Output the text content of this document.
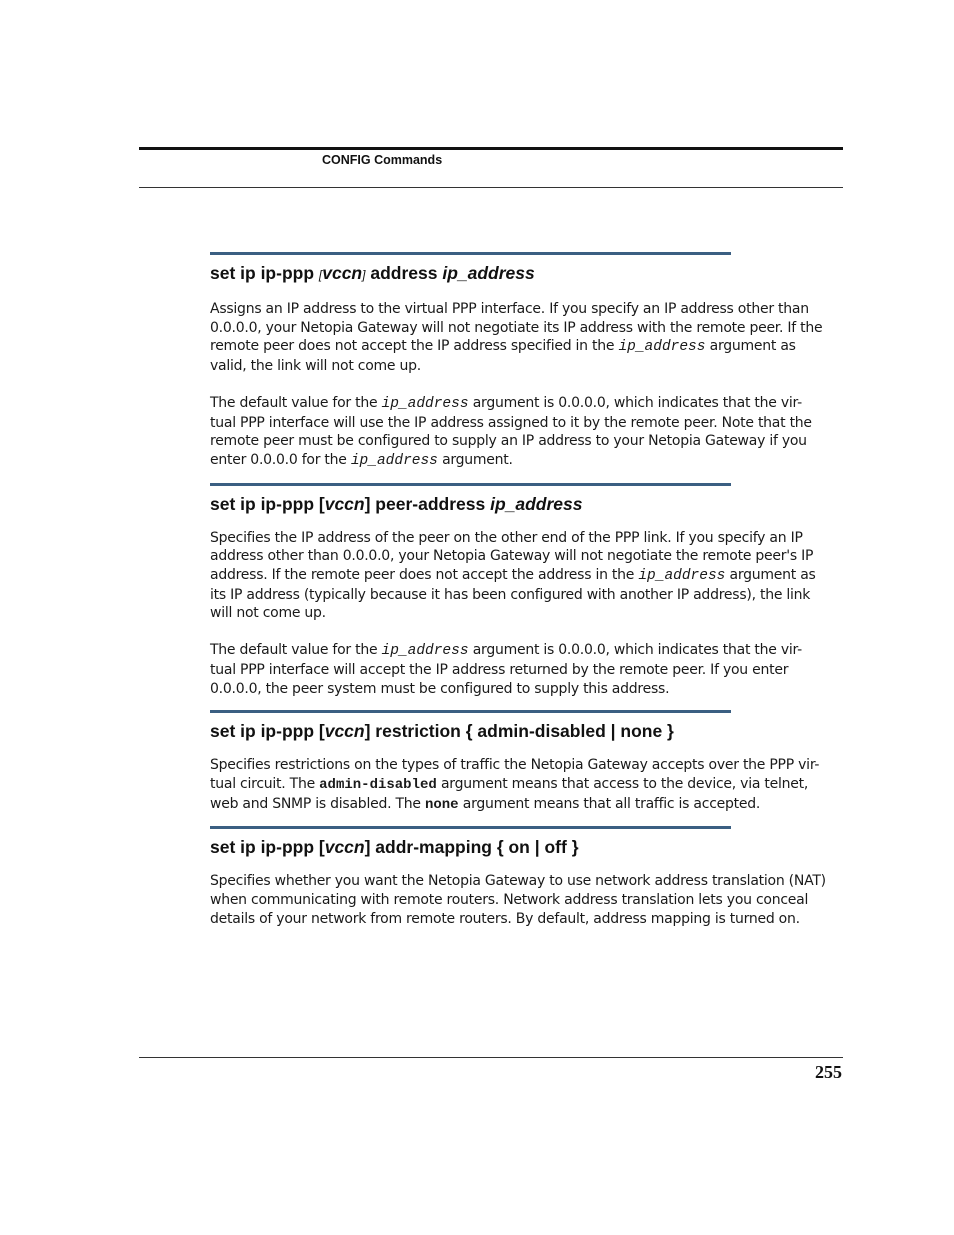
CONFIG Commands
set ip ip-ppp [vccn] address ip_address

Assigns an IP address to the virtual PPP interface. If you specify an IP address other than 0.0.0.0, your Netopia Gateway will not negotiate its IP address with the remote peer. If the remote peer does not accept the IP address specified in the ip_address argument as valid, the link will not come up.

The default value for the ip_address argument is 0.0.0.0, which indicates that the vir-tual PPP interface will use the IP address assigned to it by the remote peer. Note that the remote peer must be configured to supply an IP address to your Netopia Gateway if you enter 0.0.0.0 for the ip_address argument.

set ip ip-ppp [vccn] peer-address ip_address

Specifies the IP address of the peer on the other end of the PPP link. If you specify an IP address other than 0.0.0.0, your Netopia Gateway will not negotiate the remote peer's IP address. If the remote peer does not accept the address in the ip_address argument as its IP address (typically because it has been configured with another IP address), the link will not come up.

The default value for the ip_address argument is 0.0.0.0, which indicates that the vir-tual PPP interface will accept the IP address returned by the remote peer. If you enter 0.0.0.0, the peer system must be configured to supply this address.

set ip ip-ppp [vccn] restriction { admin-disabled | none }

Specifies restrictions on the types of traffic the Netopia Gateway accepts over the PPP vir-tual circuit. The admin-disabled argument means that access to the device, via telnet, web and SNMP is disabled. The none argument means that all traffic is accepted.

set ip ip-ppp [vccn] addr-mapping { on | off }

Specifies whether you want the Netopia Gateway to use network address translation (NAT) when communicating with remote routers. Network address translation lets you conceal details of your network from remote routers. By default, address mapping is turned on.

255
